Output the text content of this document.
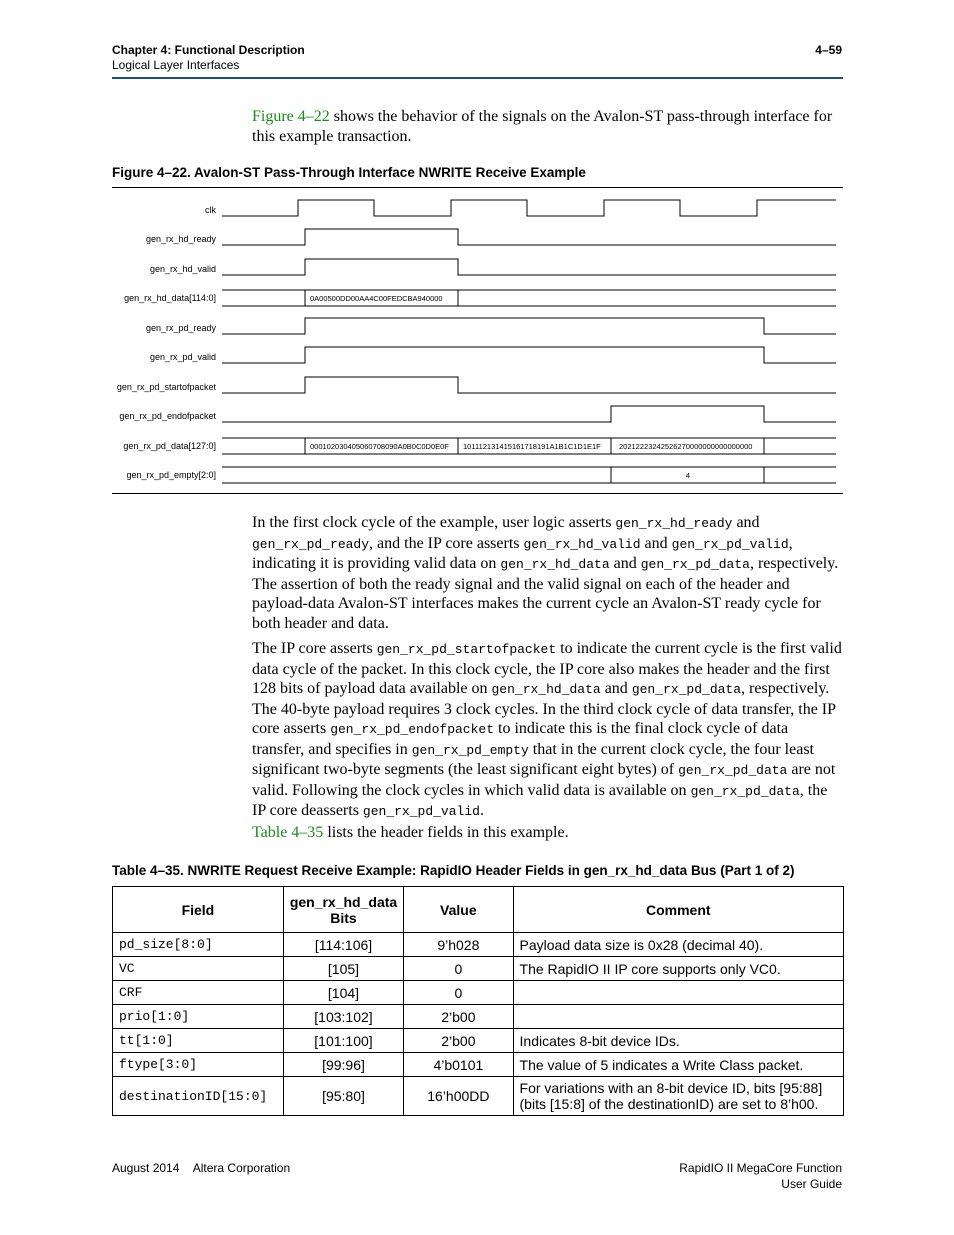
Chapter 4: Functional Description
Logical Layer Interfaces
4–59
Figure 4–22 shows the behavior of the signals on the Avalon-ST pass-through interface for this example transaction.
Figure 4–22. Avalon-ST Pass-Through Interface NWRITE Receive Example
clk
gen_rx_hd_ready
gen_rx_hd_valid
gen_rx_hd_data[114:0]
gen_rx_pd_ready
gen_rx_pd_valid
gen_rx_pd_startofpacket
gen_rx_pd_endofpacket
gen_rx_pd_data[127:0]
gen_rx_pd_empty[2:0]
0A00500DD00AA4C00FEDCBA940000
000102030405060708090A0B0C0D0E0F 101112131415161718191A1B1C1D1E1F 20212223242526270000000000000000
4
In the first clock cycle of the example, user logic asserts gen_rx_hd_ready and gen_rx_pd_ready, and the IP core asserts gen_rx_hd_valid and gen_rx_pd_valid, indicating it is providing valid data on gen_rx_hd_data and gen_rx_pd_data, respectively. The assertion of both the ready signal and the valid signal on each of the header and payload-data Avalon-ST interfaces makes the current cycle an Avalon-ST ready cycle for both header and data.
The IP core asserts gen_rx_pd_startofpacket to indicate the current cycle is the first valid data cycle of the packet. In this clock cycle, the IP core also makes the header and the first 128 bits of payload data available on gen_rx_hd_data and gen_rx_pd_data, respectively. The 40-byte payload requires 3 clock cycles. In the third clock cycle of data transfer, the IP core asserts gen_rx_pd_endofpacket to indicate this is the final clock cycle of data transfer, and specifies in gen_rx_pd_empty that in the current clock cycle, the four least significant two-byte segments (the least significant eight bytes) of gen_rx_pd_data are not valid. Following the clock cycles in which valid data is available on gen_rx_pd_data, the IP core deasserts gen_rx_pd_valid.
Table 4–35 lists the header fields in this example.
Table 4–35. NWRITE Request Receive Example: RapidIO Header Fields in gen_rx_hd_data Bus (Part 1 of 2)
Field	gen_rx_hd_data Bits	Value	Comment
pd_size[8:0]	[114:106]	9’h028	Payload data size is 0x28 (decimal 40).
VC	[105]	0	The RapidIO II IP core supports only VC0.
CRF	[104]	0	
prio[1:0]	[103:102]	2’b00	
tt[1:0]	[101:100]	2’b00	Indicates 8-bit device IDs.
ftype[3:0]	[99:96]	4’b0101	The value of 5 indicates a Write Class packet.
destinationID[15:0]	[95:80]	16’h00DD	For variations with an 8-bit device ID, bits [95:88] (bits [15:8] of the destinationID) are set to 8’h00.
August 2014 Altera Corporation	RapidIO II MegaCore Function
User Guide
